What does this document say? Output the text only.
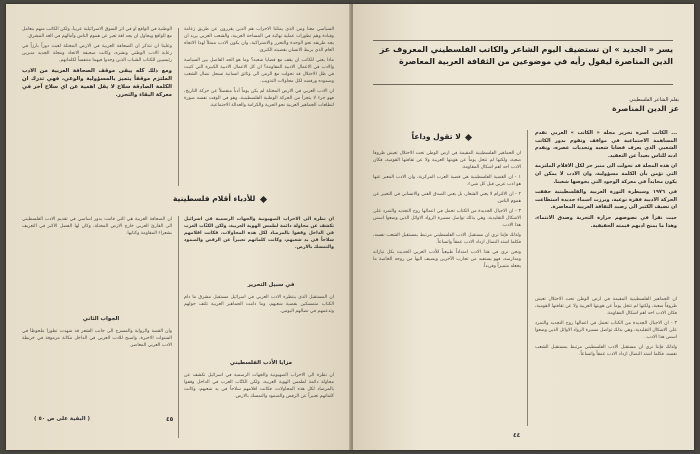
السياسي معنا ومن الذي يمثلنا الاحزاب هم الذين يقررون عن طريق زعامة وقيادة وهم تطورات عملية نهائية في المساحة العربية، والشعب العربي يريد ان يجد طريقه نحو الوحدة والتحرر والاشتراكية، وان يكون الادب ممثلاً لهذا الاتجاه العام الذي يربط الانسان بقضيته الكبرى.

ماذا يعني للكاتب ان يقف مع قضايا شعبه؟ وما هو الحد الفاصل بين السياسة والادب في الاعمال الادبية المقاومة؟ ان كل الاعمال الادبية الكبيرة التي كتبت في ظل الاحتلال قد تحولت مع الزمن الى وثائق انسانية تسجل نضال الشعب وصموده ورفضه لكل محاولات التذويب.

ان الادب العربي في الارض المحتلة لم يكن يوماً أدباً منفصلاً عن حركة التاريخ، فهو جزء لا يتجزأ من الحركة الوطنية الفلسطينية، وهو في الوقت نفسه صورة لتطلعات الجماهير العربية نحو الحرية والكرامة والعدالة الاجتماعية.

الوطنية في الواقع او في اثر السوق الاسرائيلية عربياً، ولكن الكاتب منهم يتعامل مع الواقع ويحاول ان يجد لغة تعبر عن هموم الناس وآمالهم في الغد المشرق.

وعلينا ان نتذكر ان الصحافة العربية في الارض المحتلة لعبت دوراً بارزاً في رعاية الادب الوطني ونشره، وكانت صحيفة الاتحاد ومجلة الجديد منبرين رئيسيين للكتاب الشباب الذين وجدوا فيهما متنفساً لكلماتهم.

ومع ذلك كله يبقى موقف الصحافة العربية من الادب الملتزم موقفاً يتميز بالمسؤولية والوعي، فهي تدرك ان الكلمة الصادقة سلاح لا يقل اهمية عن اي سلاح آخر في معركة البقاء والتحرر.

للأدباء أقلام فلسطينية

ان نظرة الى الاحزاب الصهيونية والجهات الرسمية في اسرائيل تكشف عن محاولة دائمة لطمس الهوية العربية، ولكن الكتّاب العرب في الداخل وقفوا بالمرصاد لكل هذه المحاولات، فكانت اقلامهم سلاحاً في يد شعبهم، وكانت كلماتهم تعبيراً عن الرفض والصمود والتمسك بالارض.

ان الصحافة العربية هي التي قامت بدور اساسي في تقديم الادب الفلسطيني الى القارئ العربي خارج الارض المحتلة، وكان لها الفضل الاكبر في التعريف بشعراء المقاومة وكتابها.

في سبيل التحرير

ان المستقبل الذي ينتظره الادب العربي في اسرائيل مستقبل مشرق ما دام الكتاب متمسكين بقضية شعبهم، وما دامت الجماهير العربية تلتف حولهم وتدعمهم في نضالهم اليومي.

الجواب الثاني

وان القصة والرواية والمسرح الى جانب الشعر قد شهدت تطوراً ملحوظاً في السنوات الاخيرة، واصبح للادب العربي في الداخل مكانة مرموقة في خريطة الادب العربي المعاصر.

مزايا الأدب الفلسطيني

ان نظرة الى الاحزاب الصهيونية والجهات الرسمية في اسرائيل تكشف عن محاولة دائمة لطمس الهوية العربية، ولكن الكتّاب العرب في الداخل وقفوا بالمرصاد لكل هذه المحاولات، فكانت اقلامهم سلاحاً في يد شعبهم، وكانت كلماتهم تعبيراً عن الرفض والصمود والتمسك بالارض.

( البقية على ص ٥٠ )	٤٥
يسر « الجديد » ان تستضيف اليوم الشاعر والكاتب الفلسطيني المعروف عز الدين المناصرة ليقول رأيه في موضوعين من الثقافة العربية المعاصرة
بقلم الشاعر الفلسطيني
عز الدين المناصرة
لا تقول وداعاً	... الكاتب اسرة تحرير مجلة « الكاتب » العربي تقدم المساهمة الاجتماعية في مواقف وتقوم بدور الكاتب الشعبي الذي يعرف قضايا شعبه وتحديات عصره، ويقدم ادبه للناس بعيداً عن التعقيد.

ان هذه المجلة قد تحولت الى منبر حر لكل الاقلام الملتزمة التي تؤمن بأن الكلمة مسؤولية، وان الادب لا يمكن ان يكون محايداً في معركة الوجود التي يخوضها شعبنا.

في ١٩٧٦ وسيطرة الثورة العربية والفلسطينية حققت الحركة الادبية قفزة نوعية، وبرزت اسماء جديدة استطاعت ان تضيف الكثير الى رصيد الثقافة العربية المعاصرة.

حيث نقرأ في نصوصهم حرارة التجربة وصدق الانتماء، وهذا ما يمنح ادبهم قيمته الحقيقية.

ان الجماهير الفلسطينية المقيمة في ارض الوطن تحت الاحتلال تعيش ظروفاً صعبة، ولكنها لم تتخل يوماً عن هويتها العربية ولا عن ثقافتها القومية، فكان الادب احد اهم اشكال المقاومة.

١ - ان القضية الفلسطينية هي قضية العرب المركزية، وان الادب المعبر عنها هو ادب عربي قبل كل شيء.

٢ - ان الالتزام لا يعني الشعار، بل يعني الصدق الفني والانساني في التعبير عن هموم الناس.

٣ - ان الاجيال الجديدة من الكتاب تحمل في اعمالها روح التجديد والتمرد على الاشكال التقليدية، وهي بذلك تواصل مسيرة الرواد الاوائل الذين وضعوا اسس هذا الادب.

ولذلك فإننا نرى ان مستقبل الادب الفلسطيني مرتبط بمستقبل الشعب نفسه، فكلما اشتد النضال ازداد الادب عمقاً واتساعاً.

ونحن نرى في هذا الادب امتداداً طبيعياً للأدب العربي الحديث بكل تياراته ومدارسه، فهو يستفيد من تجارب الآخرين ويضيف اليها من روحه الخاصة ما يجعله متميزاً وفريداً.

ان الجماهير الفلسطينية المقيمة في ارض الوطن تحت الاحتلال تعيش ظروفاً صعبة، ولكنها لم تتخل يوماً عن هويتها العربية ولا عن ثقافتها القومية، فكان الادب احد اهم اشكال المقاومة.

٣ - ان الاجيال الجديدة من الكتاب تحمل في اعمالها روح التجديد والتمرد على الاشكال التقليدية، وهي بذلك تواصل مسيرة الرواد الاوائل الذين وضعوا اسس هذا الادب.

ولذلك فإننا نرى ان مستقبل الادب الفلسطيني مرتبط بمستقبل الشعب نفسه، فكلما اشتد النضال ازداد الادب عمقاً واتساعاً.

٤٤
